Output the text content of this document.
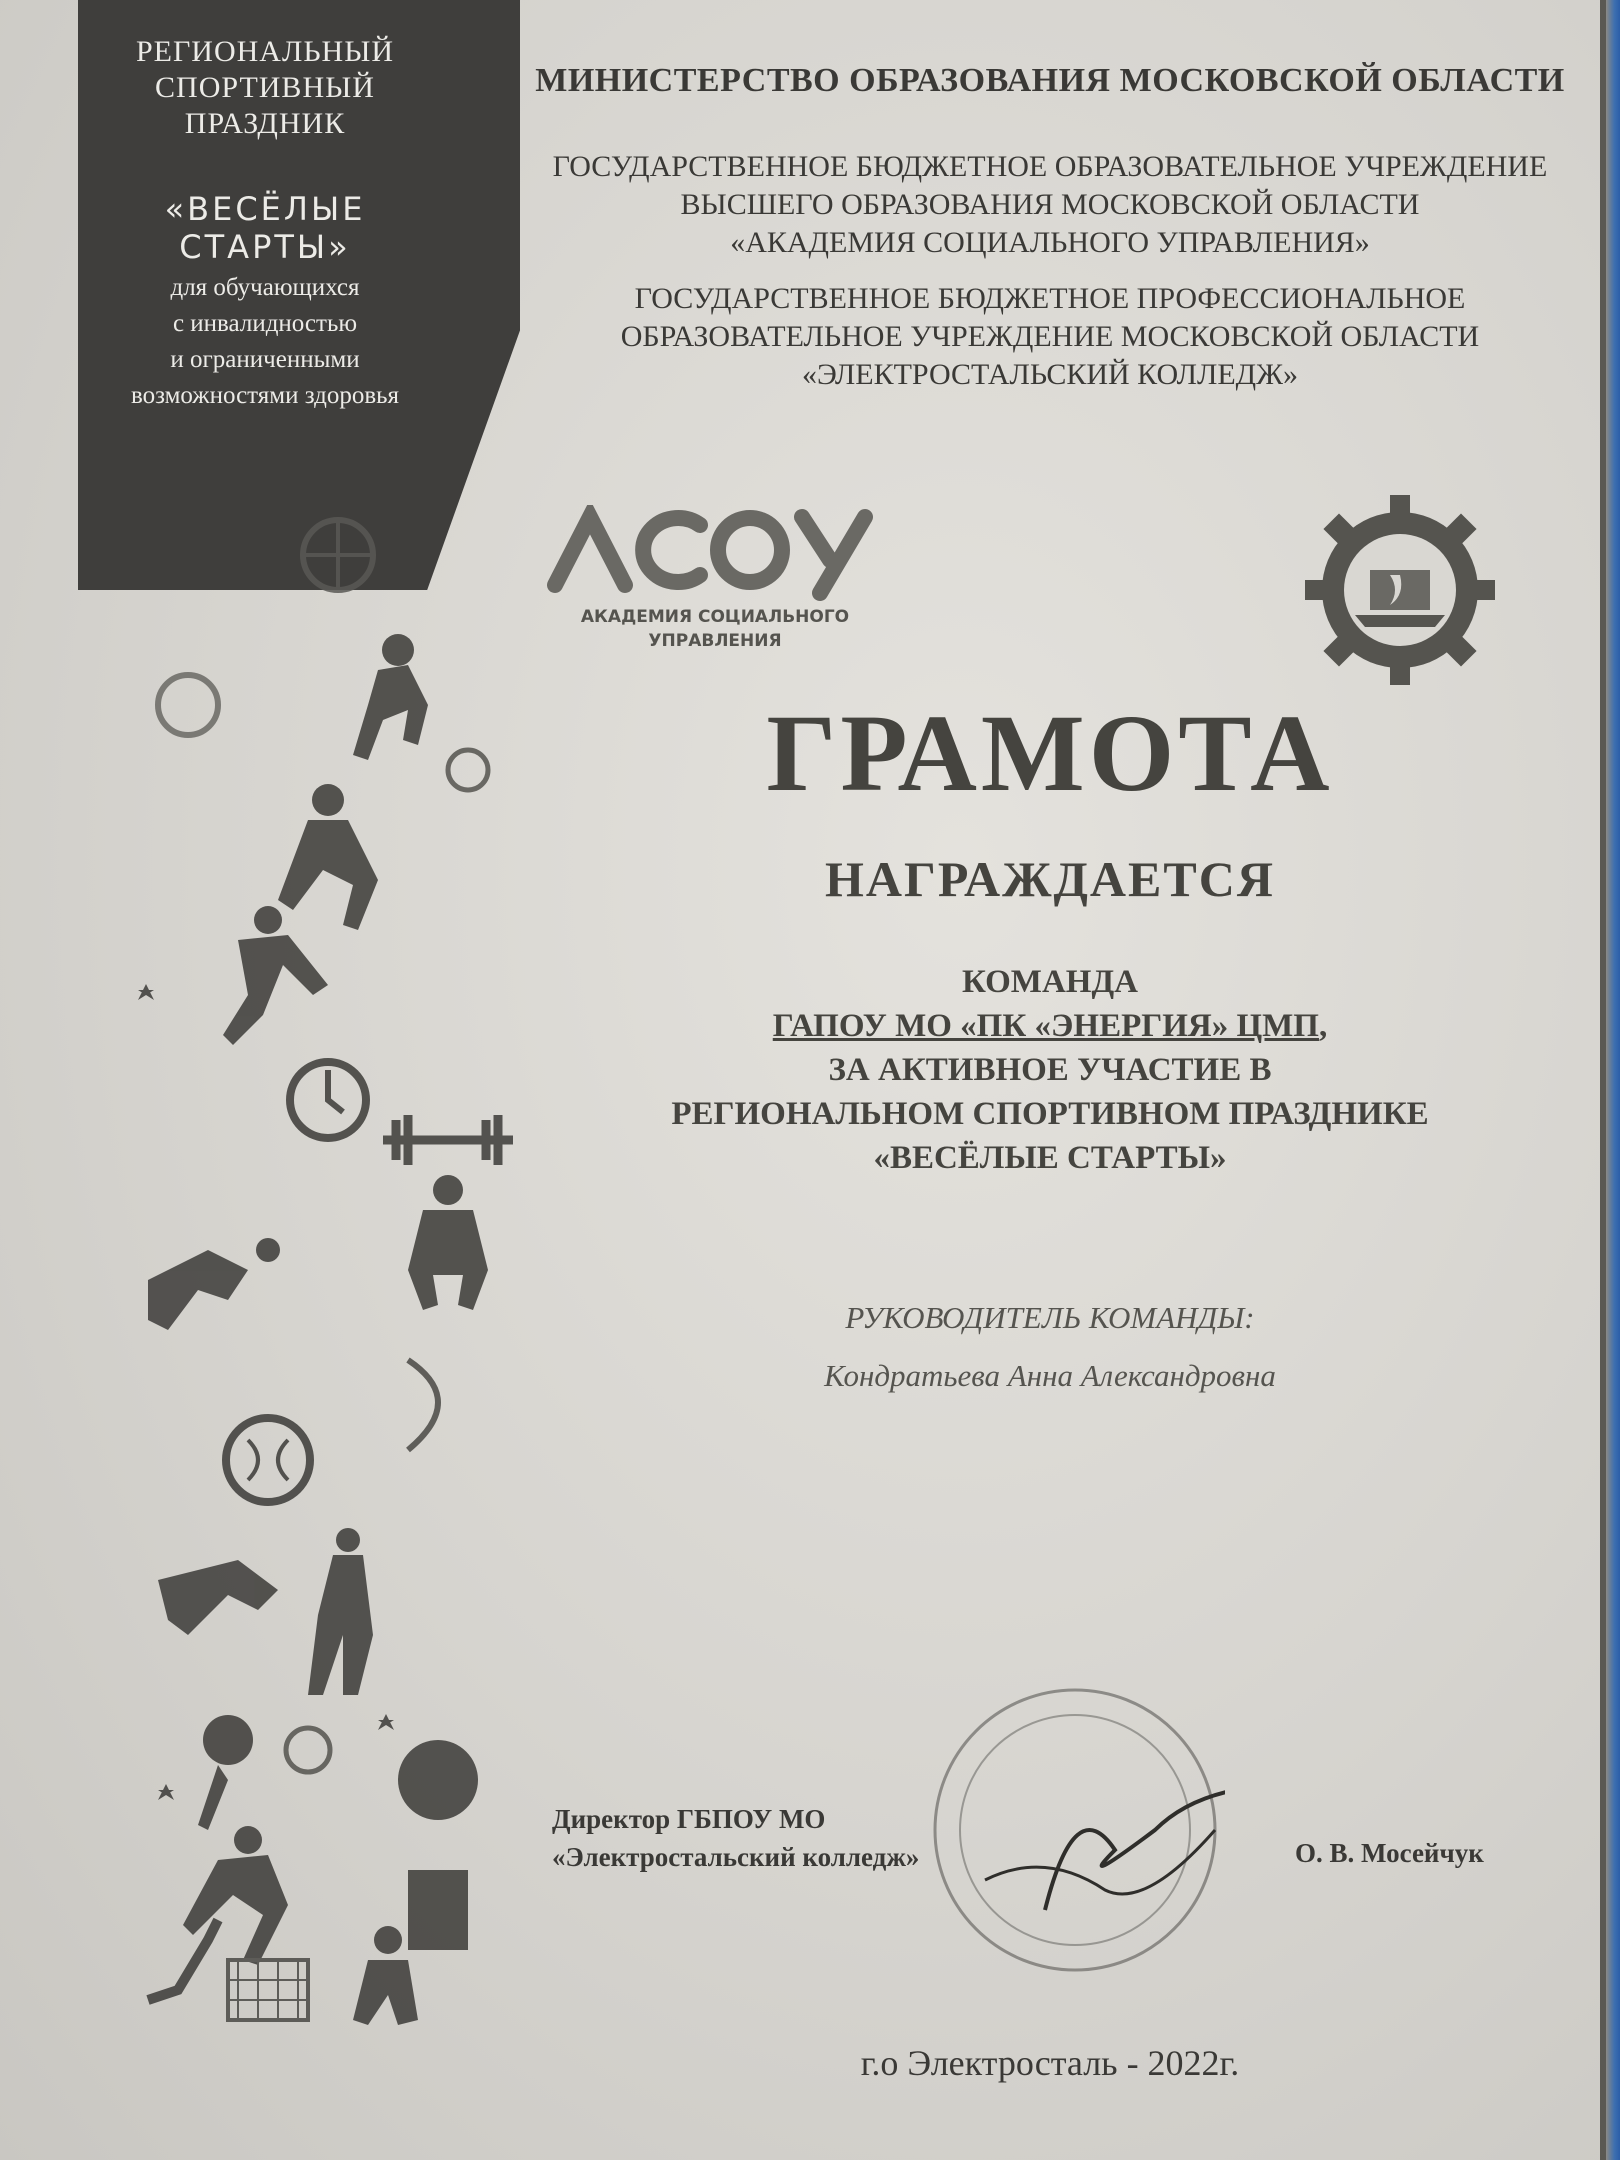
РЕГИОНАЛЬНЫЙ
СПОРТИВНЫЙ
ПРАЗДНИК
«ВЕСЁЛЫЕ СТАРТЫ»
для обучающихся
с инвалидностью
и ограниченными
возможностями здоровья
МИНИСТЕРСТВО ОБРАЗОВАНИЯ МОСКОВСКОЙ ОБЛАСТИ
ГОСУДАРСТВЕННОЕ БЮДЖЕТНОЕ ОБРАЗОВАТЕЛЬНОЕ УЧРЕЖДЕНИЕ
ВЫСШЕГО ОБРАЗОВАНИЯ МОСКОВСКОЙ ОБЛАСТИ
«АКАДЕМИЯ СОЦИАЛЬНОГО УПРАВЛЕНИЯ»
ГОСУДАРСТВЕННОЕ БЮДЖЕТНОЕ ПРОФЕССИОНАЛЬНОЕ
ОБРАЗОВАТЕЛЬНОЕ УЧРЕЖДЕНИЕ МОСКОВСКОЙ ОБЛАСТИ
«ЭЛЕКТРОСТАЛЬСКИЙ КОЛЛЕДЖ»
АКАДЕМИЯ СОЦИАЛЬНОГО
УПРАВЛЕНИЯ
ГРАМОТА
НАГРАЖДАЕТСЯ
КОМАНДА
ГАПОУ МО «ПК «ЭНЕРГИЯ» ЦМП,
ЗА АКТИВНОЕ УЧАСТИЕ В
РЕГИОНАЛЬНОМ СПОРТИВНОМ ПРАЗДНИКЕ
«ВЕСЁЛЫЕ СТАРТЫ»
РУКОВОДИТЕЛЬ КОМАНДЫ:
Кондратьева Анна Александровна
Директор ГБПОУ МО
«Электростальский колледж»	О. В. Мосейчук
г.о Электросталь - 2022г.
